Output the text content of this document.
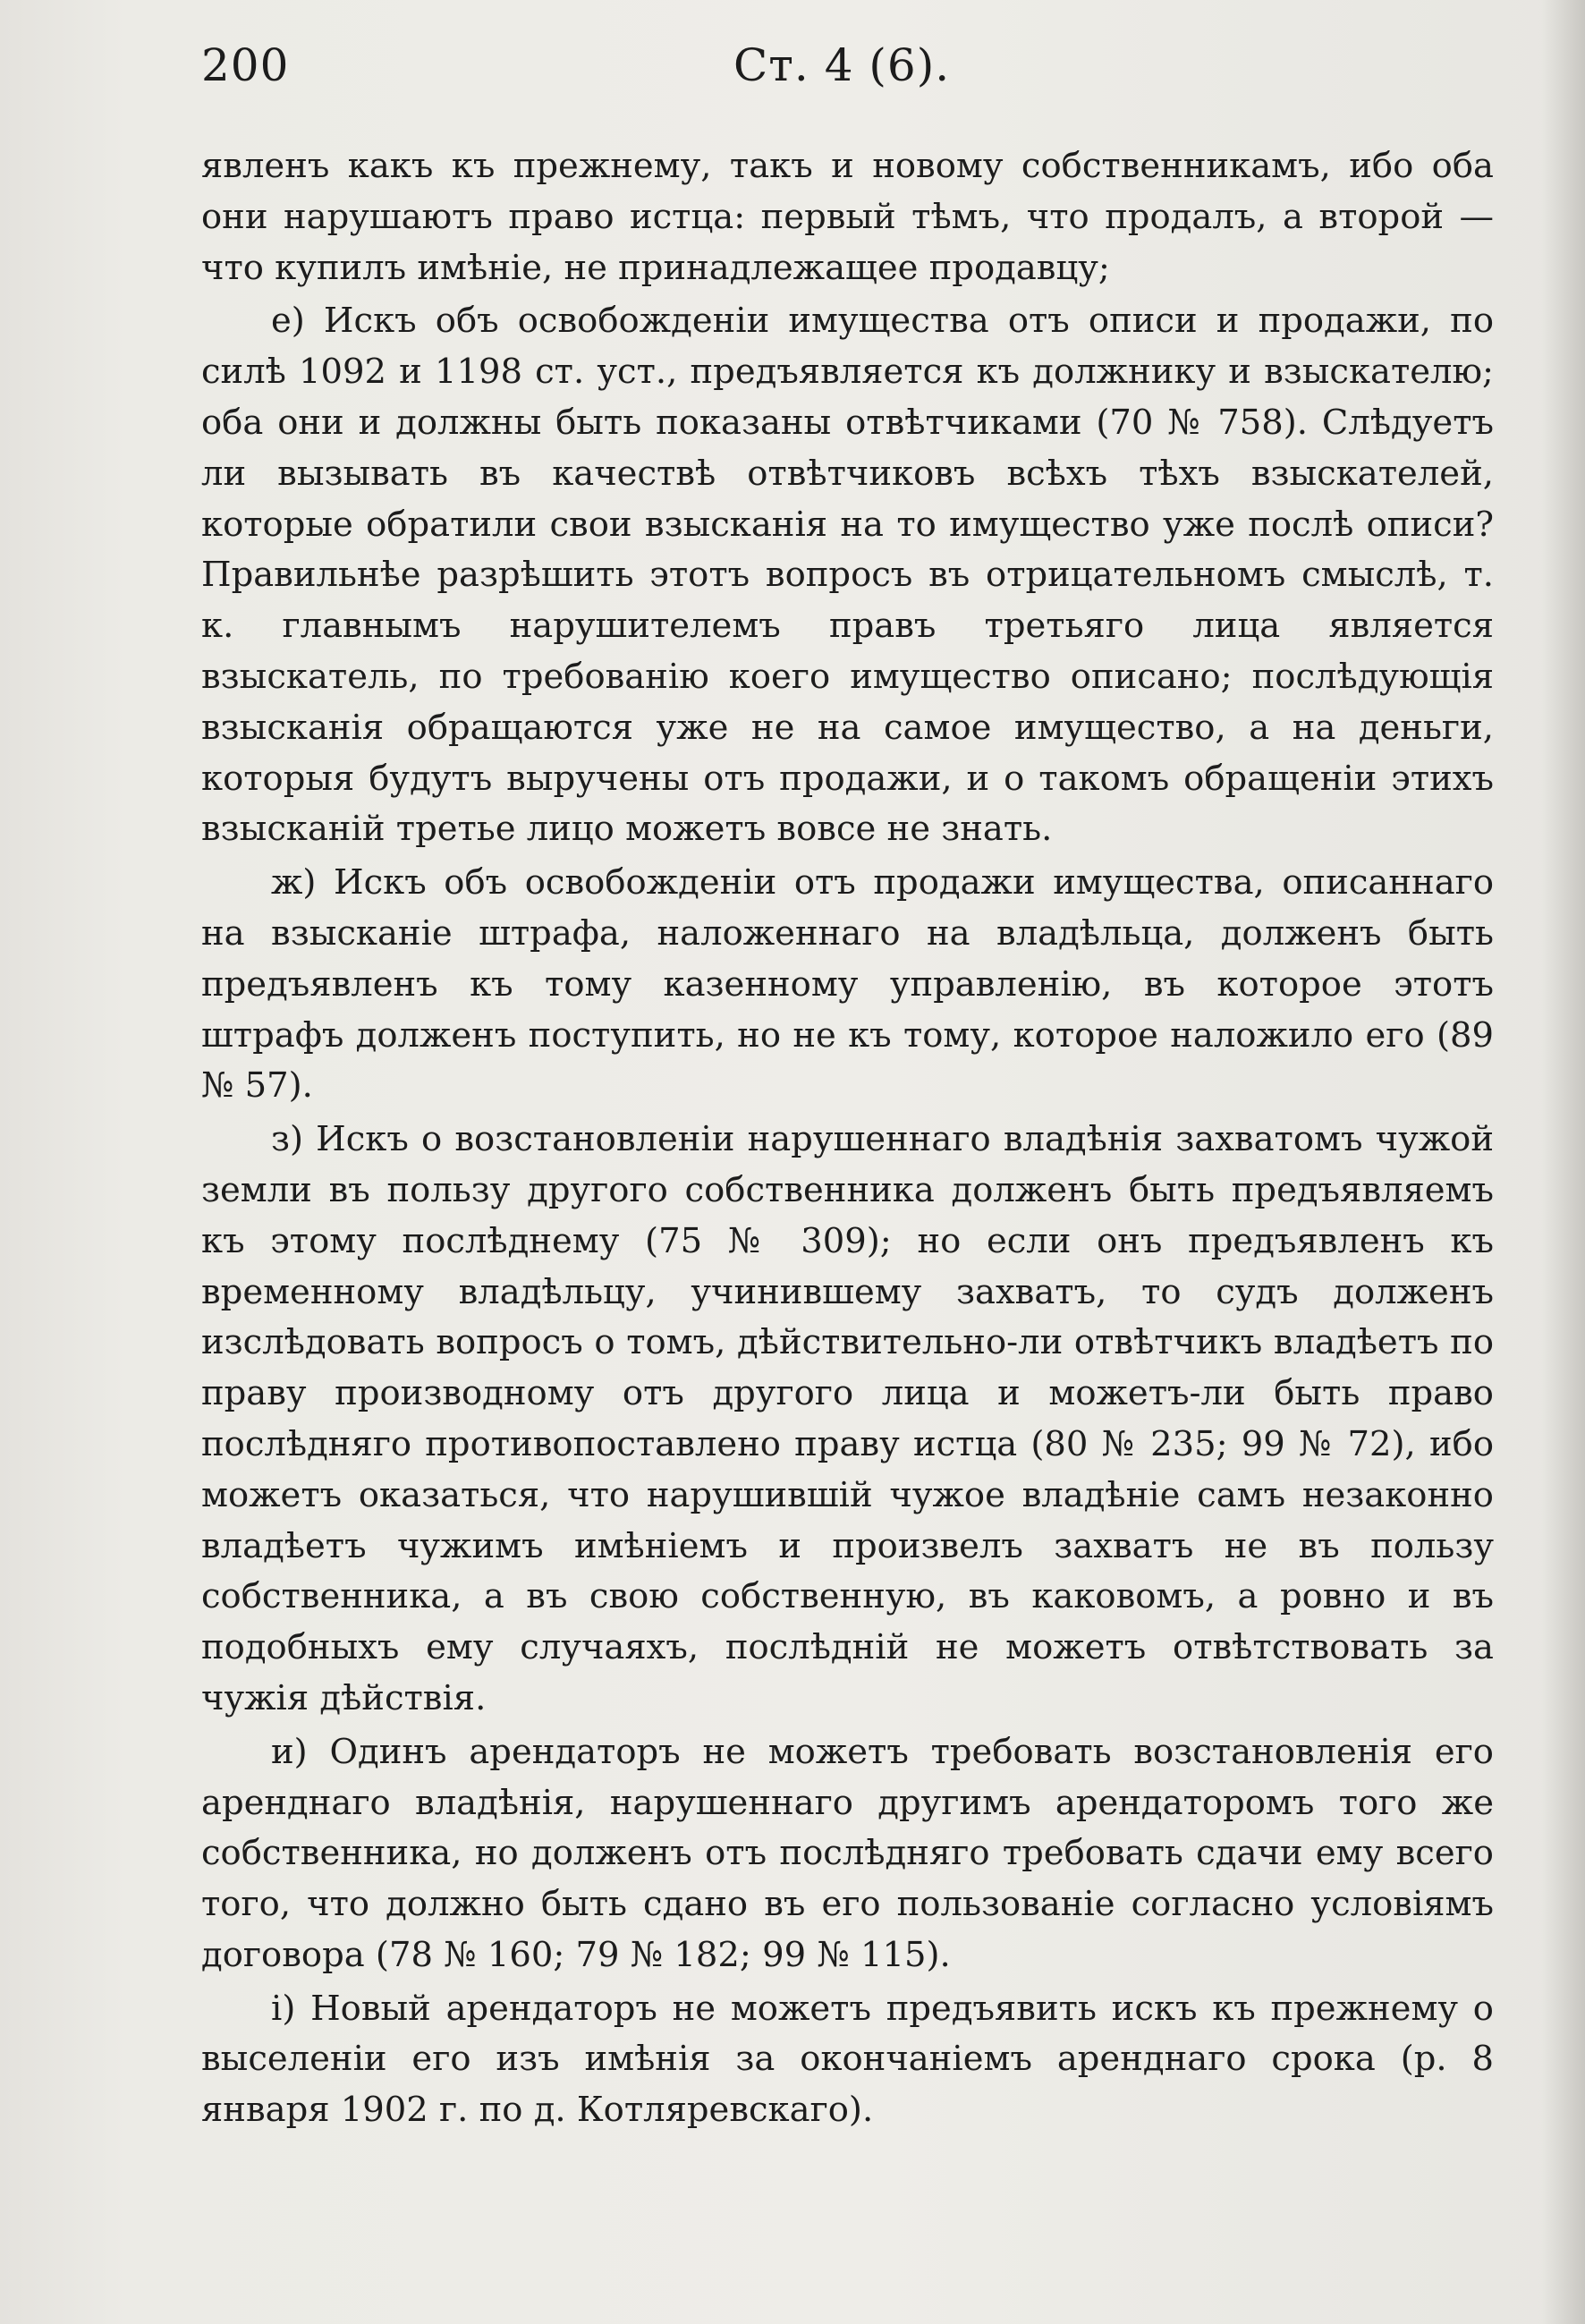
200	Ст. 4 (6).

явленъ какъ къ прежнему, такъ и новому собственникамъ, ибо оба они нарушаютъ право истца: первый тѣмъ, что продалъ, а второй — что купилъ имѣніе, не принадлежащее продавцу;

е) Искъ объ освобожденіи имущества отъ описи и продажи, по силѣ 1092 и 1198 ст. уст., предъявляется къ должнику и взыскателю; оба они и должны быть показаны отвѣтчиками (70 № 758). Слѣдуетъ ли вызывать въ качествѣ отвѣтчиковъ всѣхъ тѣхъ взыскателей, которые обратили свои взысканія на то имущество уже послѣ описи? Правильнѣе разрѣшить этотъ вопросъ въ отрицательномъ смыслѣ, т. к. главнымъ нарушителемъ правъ третьяго лица является взыскатель, по требованію коего имущество описано; послѣдующія взысканія обращаются уже не на самое имущество, а на деньги, которыя будутъ выручены отъ продажи, и о такомъ обращеніи этихъ взысканій третье лицо можетъ вовсе не знать.

ж) Искъ объ освобожденіи отъ продажи имущества, описаннаго на взысканіе штрафа, наложеннаго на владѣльца, долженъ быть предъявленъ къ тому казенному управленію, въ которое этотъ штрафъ долженъ поступить, но не къ тому, которое наложило его (89 № 57).

з) Искъ о возстановленіи нарушеннаго владѣнія захватомъ чужой земли въ пользу другого собственника долженъ быть предъявляемъ къ этому послѣднему (75 № 309); но если онъ предъявленъ къ временному владѣльцу, учинившему захватъ, то судъ долженъ изслѣдовать вопросъ о томъ, дѣйствительно-ли отвѣтчикъ владѣетъ по праву производному отъ другого лица и можетъ-ли быть право послѣдняго противопоставлено праву истца (80 № 235; 99 № 72), ибо можетъ оказаться, что нарушившій чужое владѣніе самъ незаконно владѣетъ чужимъ имѣніемъ и произвелъ захватъ не въ пользу собственника, а въ свою собственную, въ каковомъ, а ровно и въ подобныхъ ему случаяхъ, послѣдній не можетъ отвѣтствовать за чужія дѣйствія.

и) Одинъ арендаторъ не можетъ требовать возстановленія его аренднаго владѣнія, нарушеннаго другимъ арендаторомъ того же собственника, но долженъ отъ послѣдняго требовать сдачи ему всего того, что должно быть сдано въ его пользованіе согласно условіямъ договора (78 № 160; 79 № 182; 99 № 115).

і) Новый арендаторъ не можетъ предъявить искъ къ прежнему о выселеніи его изъ имѣнія за окончаніемъ аренднаго срока (р. 8 января 1902 г. по д. Котляревскаго).
